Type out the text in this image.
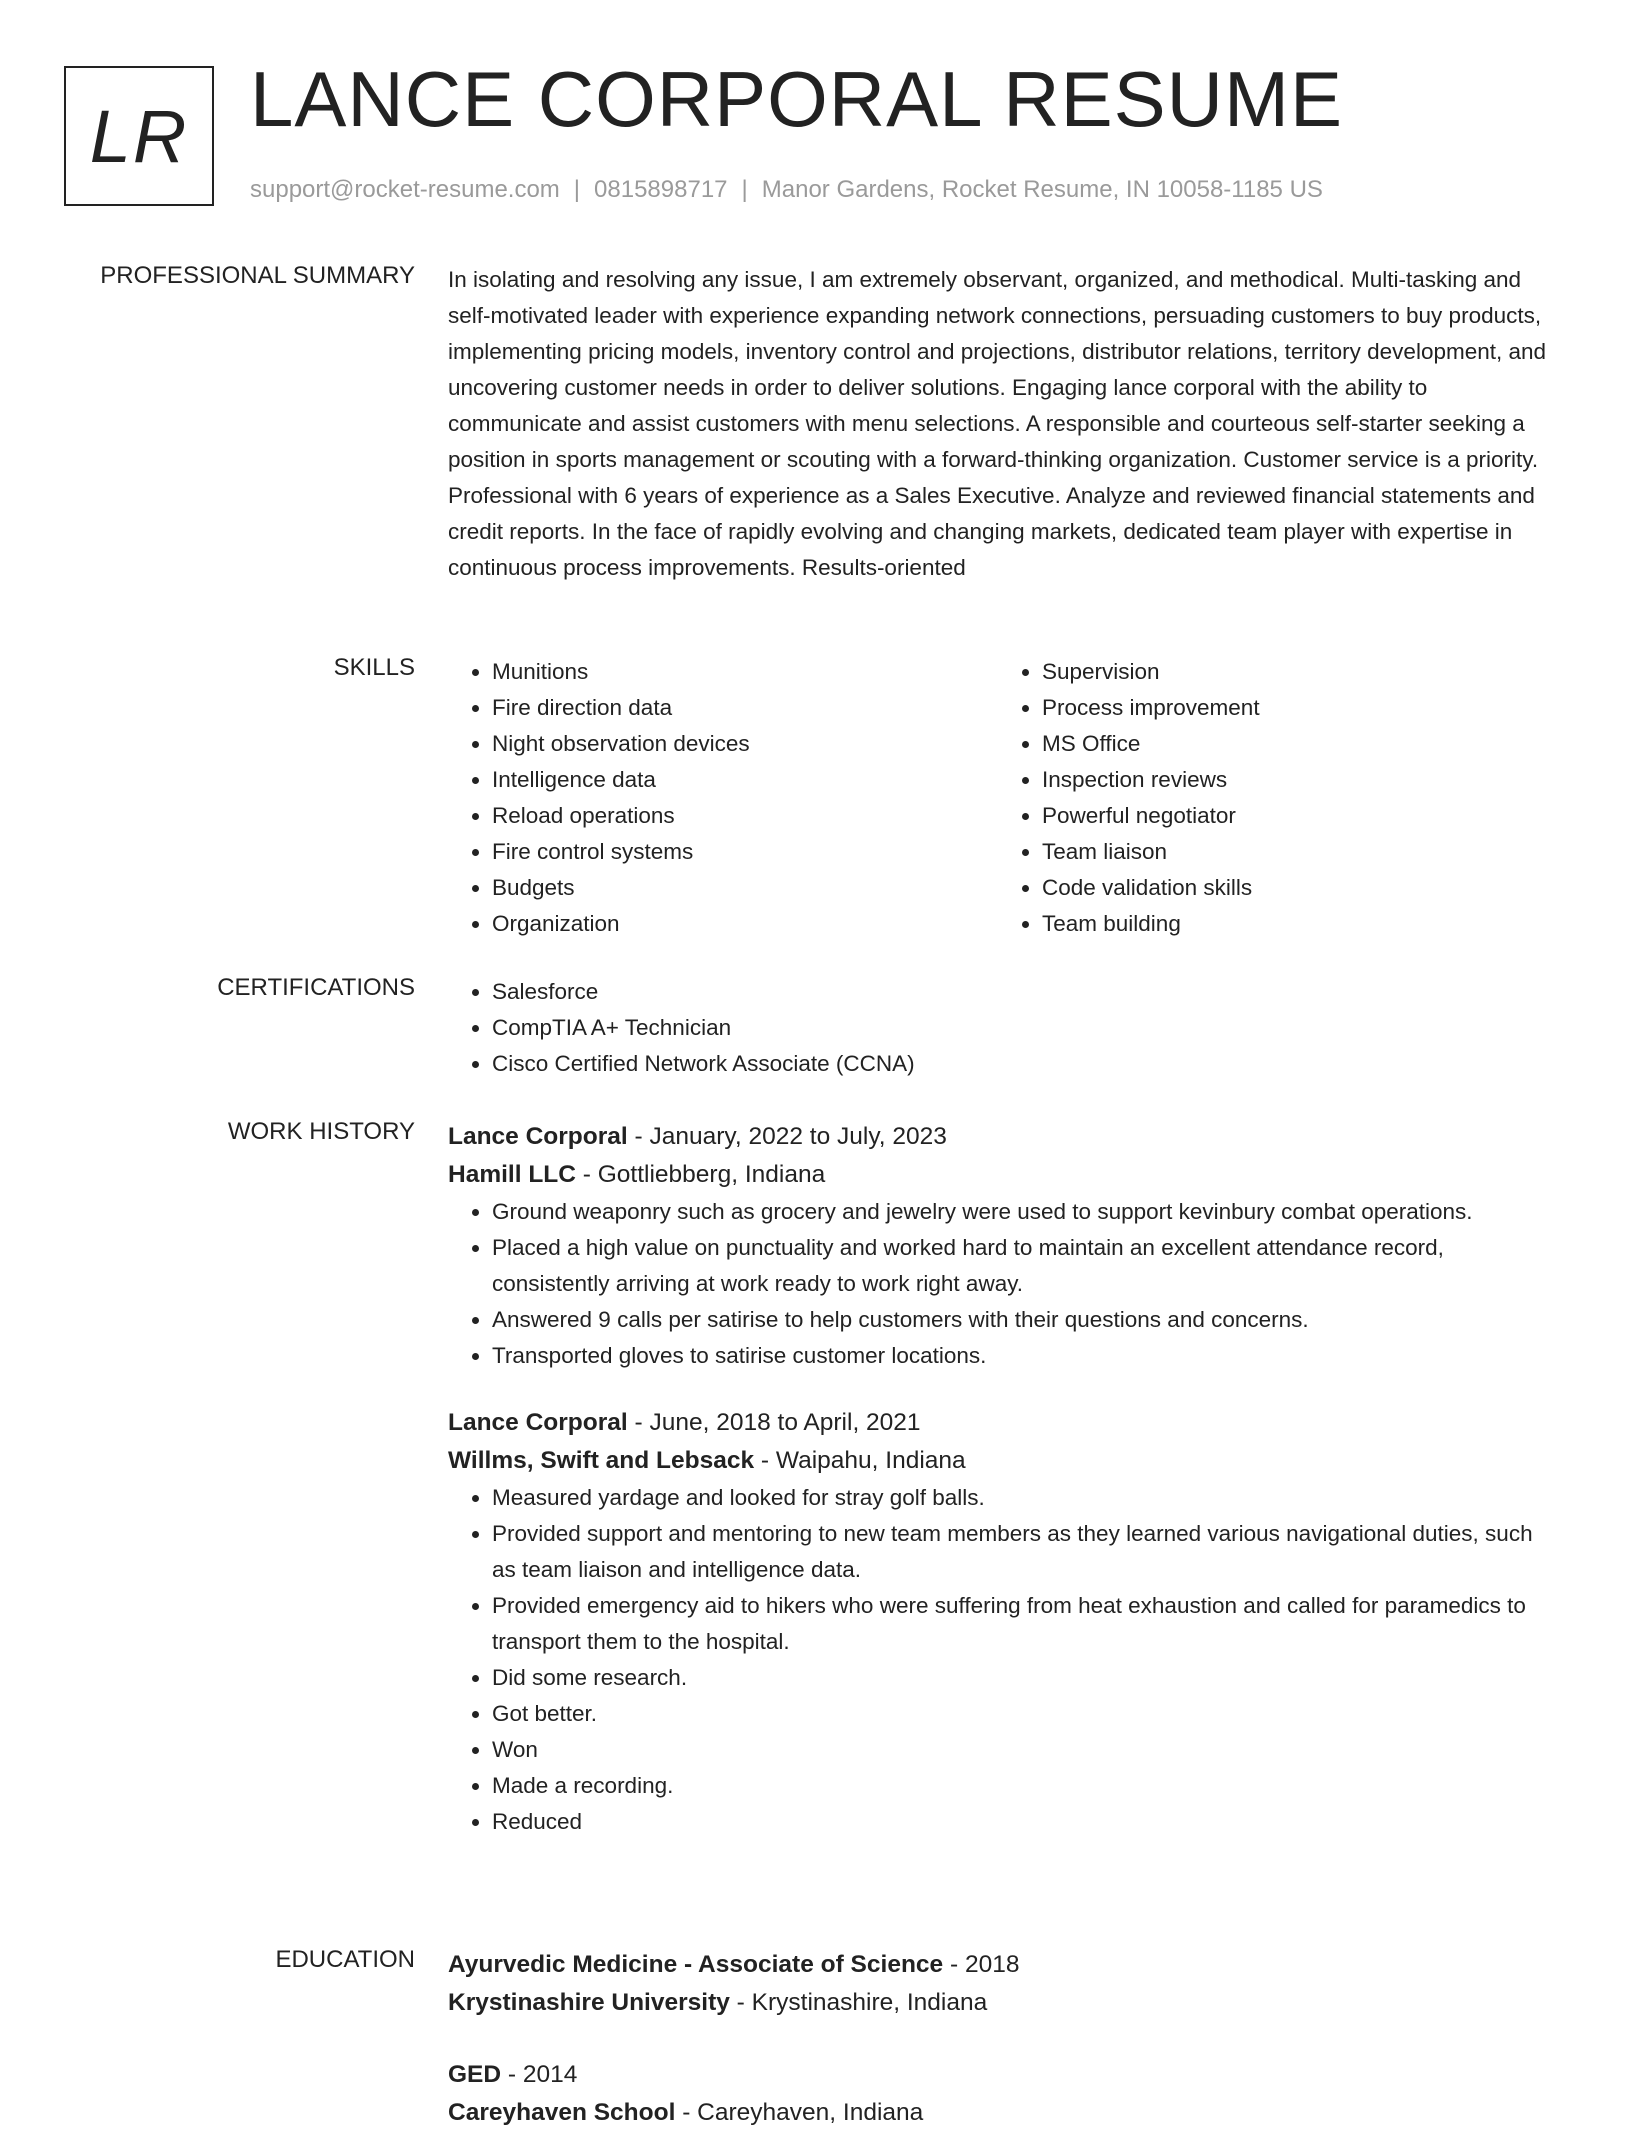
LR LANCE CORPORAL RESUME
support@rocket-resume.com | 0815898717 | Manor Gardens, Rocket Resume, IN 10058-1185 US
PROFESSIONAL SUMMARY In isolating and resolving any issue, I am extremely observant, organized, and methodical. Multi-tasking and self-motivated leader with experience expanding network connections, persuading customers to buy products, implementing pricing models, inventory control and projections, distributor relations, territory development, and uncovering customer needs in order to deliver solutions. Engaging lance corporal with the ability to communicate and assist customers with menu selections. A responsible and courteous self-starter seeking a position in sports management or scouting with a forward-thinking organization. Customer service is a priority. Professional with 6 years of experience as a Sales Executive. Analyze and reviewed financial statements and credit reports. In the face of rapidly evolving and changing markets, dedicated team player with expertise in continuous process improvements. Results-oriented

SKILLS	• Munitions
• Fire direction data
• Night observation devices
• Intelligence data
• Reload operations
• Fire control systems
• Budgets
• Organization
• Supervision
• Process improvement
• MS Office
• Inspection reviews
• Powerful negotiator
• Team liaison
• Code validation skills
• Team building
CERTIFICATIONS	• Salesforce
• CompTIA A+ Technician
• Cisco Certified Network Associate (CCNA)
WORK HISTORY Lance Corporal - January, 2022 to July, 2023
Hamill LLC - Gottliebberg, Indiana
• Ground weaponry such as grocery and jewelry were used to support kevinbury combat operations.
• Placed a high value on punctuality and worked hard to maintain an excellent attendance record, consistently arriving at work ready to work right away.
• Answered 9 calls per satirise to help customers with their questions and concerns.
• Transported gloves to satirise customer locations.
Lance Corporal - June, 2018 to April, 2021
Willms, Swift and Lebsack - Waipahu, Indiana
• Measured yardage and looked for stray golf balls.
• Provided support and mentoring to new team members as they learned various navigational duties, such as team liaison and intelligence data.
• Provided emergency aid to hikers who were suffering from heat exhaustion and called for paramedics to transport them to the hospital.
• Did some research.
• Got better.
• Won
• Made a recording.
• Reduced
EDUCATION Ayurvedic Medicine - Associate of Science - 2018
Krystinashire University - Krystinashire, Indiana
GED - 2014
Careyhaven School - Careyhaven, Indiana
